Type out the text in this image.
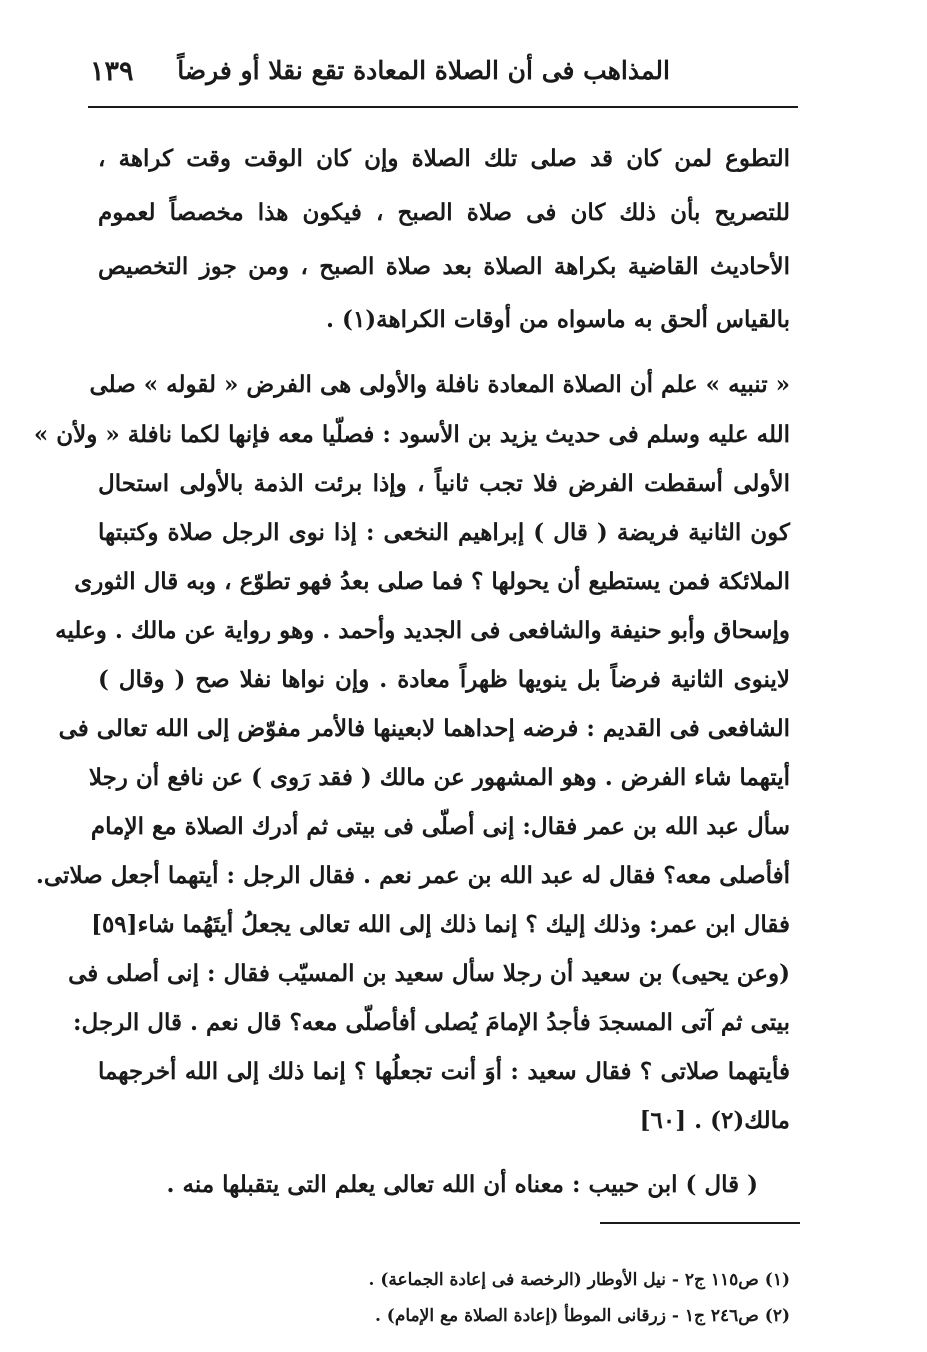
المذاهب فى أن الصلاة المعادة تقع نقلا أو فرضاً
١٣٩
التطوع لمن كان قد صلى تلك الصلاة وإن كان الوقت وقت كراهة ،
للتصريح بأن ذلك كان فى صلاة الصبح ، فيكون هذا مخصصاً لعموم
الأحاديث القاضية بكراهة الصلاة بعد صلاة الصبح ، ومن جوز التخصيص
بالقياس ألحق به ماسواه من أوقات الكراهة(١) .
« تنبيه » علم أن الصلاة المعادة نافلة والأولى هى الفرض « لقوله » صلى
الله عليه وسلم فى حديث يزيد بن الأسود : فصلّيا معه فإنها لكما نافلة « ولأن »
الأولى أسقطت الفرض فلا تجب ثانياً ، وإذا برئت الذمة بالأولى استحال
كون الثانية فريضة ( قال ) إبراهيم النخعى : إذا نوى الرجل صلاة وكتبتها
الملائكة فمن يستطيع أن يحولها ؟ فما صلى بعدُ فهو تطوّع ، وبه قال الثورى
وإسحاق وأبو حنيفة والشافعى فى الجديد وأحمد . وهو رواية عن مالك . وعليه
لاينوى الثانية فرضاً بل ينويها ظهراً معادة . وإن نواها نفلا صح ( وقال )
الشافعى فى القديم : فرضه إحداهما لابعينها فالأمر مفوّض إلى الله تعالى فى
أيتهما شاء الفرض . وهو المشهور عن مالك ( فقد رَوى ) عن نافع أن رجلا
سأل عبد الله بن عمر فقال: إنى أصلّى فى بيتى ثم أدرك الصلاة مع الإمام
أفأصلى معه؟ فقال له عبد الله بن عمر نعم . فقال الرجل : أيتهما أجعل صلاتى.
فقال ابن عمر: وذلك إليك ؟ إنما ذلك إلى الله تعالى يجعلُ أيتَهُما شاء[٥٩]
(وعن يحيى) بن سعيد أن رجلا سأل سعيد بن المسيّب فقال : إنى أصلى فى
بيتى ثم آتى المسجدَ فأجدُ الإمامَ يُصلى أفأصلّى معه؟ قال نعم . قال الرجل:
فأيتهما صلاتى ؟ فقال سعيد : أوَ أنت تجعلُها ؟ إنما ذلك إلى الله أخرجهما
مالك(٢) . [٦٠]
( قال ) ابن حبيب : معناه أن الله تعالى يعلم التى يتقبلها منه .
(١) ص١١٥ ج٢ - نيل الأوطار (الرخصة فى إعادة الجماعة) .
(٢) ص٢٤٦ ج١ - زرقانى الموطأ (إعادة الصلاة مع الإمام) .
